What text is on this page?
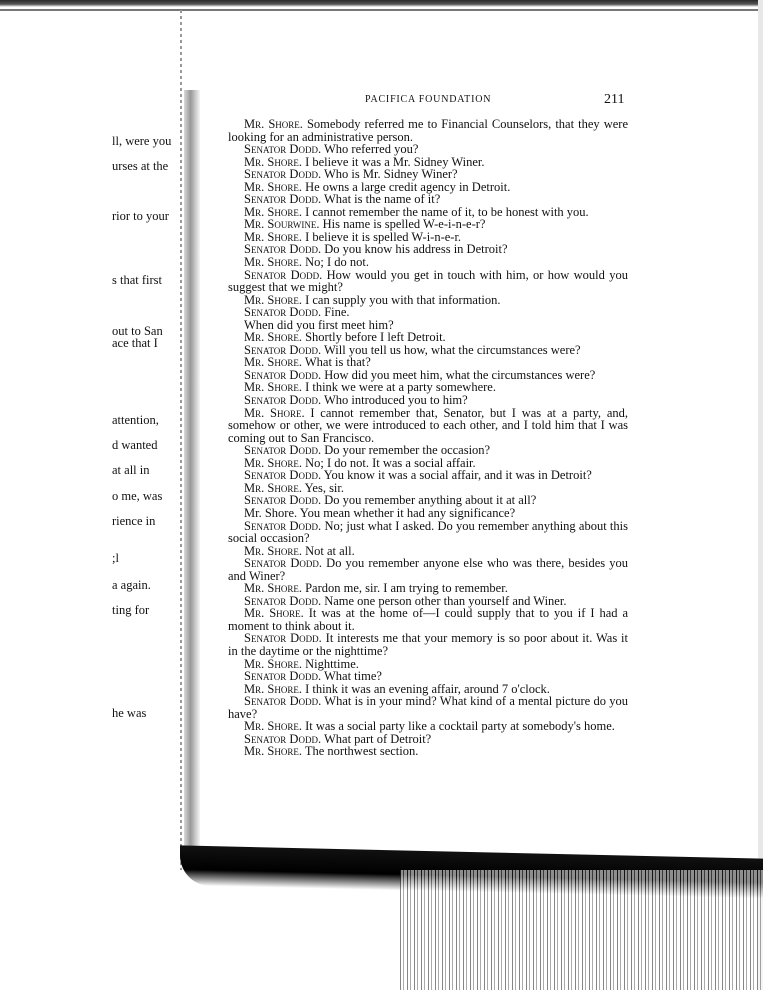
ll, were you
urses at the
rior to your
s that first
out to San
ace that I
attention,
d wanted
at all in
o me, was
rience in
;l
a again.
ting for
he was
PACIFICA FOUNDATION	211

Mr. Shore. Somebody referred me to Financial Counselors, that they were looking for an administrative person.

Senator Dodd. Who referred you?

Mr. Shore. I believe it was a Mr. Sidney Winer.

Senator Dodd. Who is Mr. Sidney Winer?

Mr. Shore. He owns a large credit agency in Detroit.

Senator Dodd. What is the name of it?

Mr. Shore. I cannot remember the name of it, to be honest with you.

Mr. Sourwine. His name is spelled W-e-i-n-e-r?

Mr. Shore. I believe it is spelled W-i-n-e-r.

Senator Dodd. Do you know his address in Detroit?

Mr. Shore. No; I do not.

Senator Dodd. How would you get in touch with him, or how would you suggest that we might?

Mr. Shore. I can supply you with that information.

Senator Dodd. Fine.

When did you first meet him?

Mr. Shore. Shortly before I left Detroit.

Senator Dodd. Will you tell us how, what the circumstances were?

Mr. Shore. What is that?

Senator Dodd. How did you meet him, what the circumstances were?

Mr. Shore. I think we were at a party somewhere.

Senator Dodd. Who introduced you to him?

Mr. Shore. I cannot remember that, Senator, but I was at a party, and, somehow or other, we were introduced to each other, and I told him that I was coming out to San Francisco.

Senator Dodd. Do your remember the occasion?

Mr. Shore. No; I do not. It was a social affair.

Senator Dodd. You know it was a social affair, and it was in Detroit?

Mr. Shore. Yes, sir.

Senator Dodd. Do you remember anything about it at all?

Mr. Shore. You mean whether it had any significance?

Senator Dodd. No; just what I asked. Do you remember anything about this social occasion?

Mr. Shore. Not at all.

Senator Dodd. Do you remember anyone else who was there, besides you and Winer?

Mr. Shore. Pardon me, sir. I am trying to remember.

Senator Dodd. Name one person other than yourself and Winer.

Mr. Shore. It was at the home of—I could supply that to you if I had a moment to think about it.

Senator Dodd. It interests me that your memory is so poor about it. Was it in the daytime or the nighttime?

Mr. Shore. Nighttime.

Senator Dodd. What time?

Mr. Shore. I think it was an evening affair, around 7 o'clock.

Senator Dodd. What is in your mind? What kind of a mental picture do you have?

Mr. Shore. It was a social party like a cocktail party at somebody's home.

Senator Dodd. What part of Detroit?

Mr. Shore. The northwest section.
